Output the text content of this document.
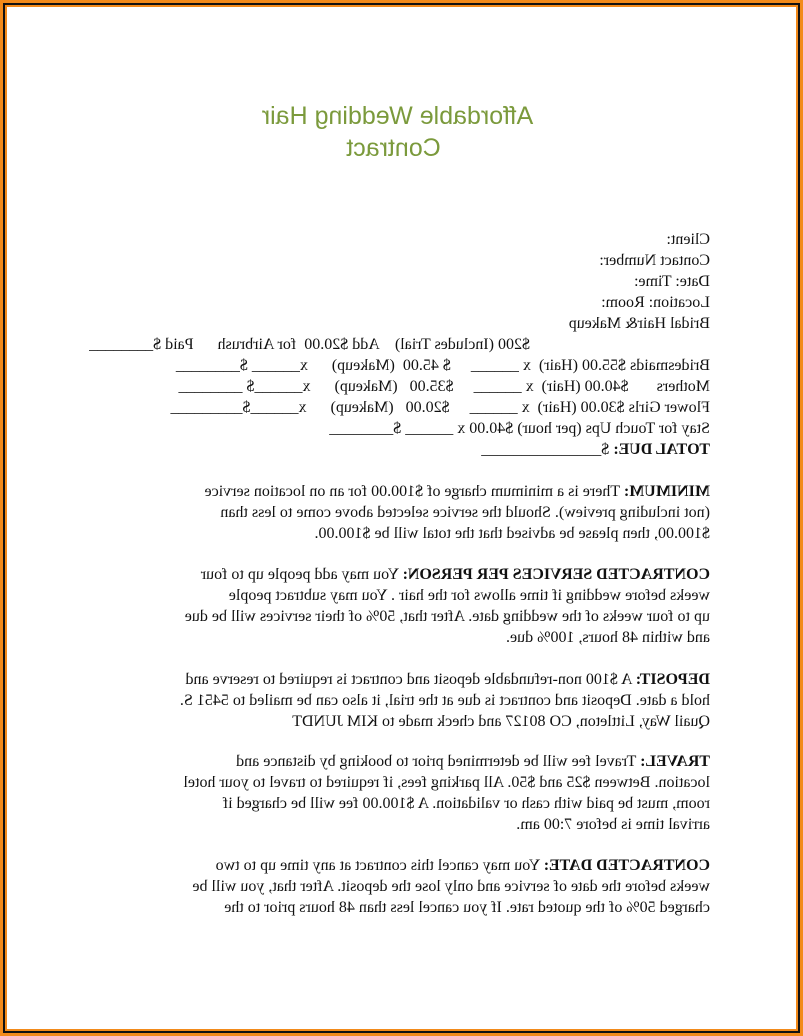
Affordable Wedding Hair
Contract
Client:
Contact Number:
Date: Time:
Location: Room:
Bridal Hair& Makeup
$200 (Includes Trial)    Add $20.00  for Airbrush      Paid $________
Bridesmaids $55.00 (Hair)  x ______     $ 45.00  (Makeup)      x______ $________
Mothers       $40.00 (Hair)  x ______     $35.00   (Makeup)      x______$ ________
Flower Girls $30.00 (Hair)  x ______     $20.00   (Makeup)      x______$_________
Stay for Touch Ups (per hour) $40.00 x ______ $________
TOTAL DUE: $_______________
MINIMUM: There is a minimum charge of $100.00 for an on location service
(not including preview). Should the service selected above come to less than
$100.00, then please be advised that the total will be $100.00.
CONTRACTED SERVICES PER PERSON: You may add people up to four
weeks before wedding if time allows for the hair . You may subtract people
up to four weeks of the wedding date. After that, 50% of their services will be due
and within 48 hours, 100% due.
DEPOSIT: A $100 non-refundable deposit and contract is required to reserve and
hold a date. Deposit and contract is due at the trial, it also can be mailed to 5451 S.
Quail Way, Littleton, CO 80127 and check made to KIM JUNDT
TRAVEL: Travel fee will be determined prior to booking by distance and
location. Between $25 and $50. All parking fees, if required to travel to your hotel
room, must be paid with cash or validation. A $100.00 fee will be charged if
arrival time is before 7:00 am.
CONTRACTED DATE: You may cancel this contract at any time up to two
weeks before the date of service and only lose the deposit. After that, you will be
charged 50% of the quoted rate. If you cancel less than 48 hours prior to the
